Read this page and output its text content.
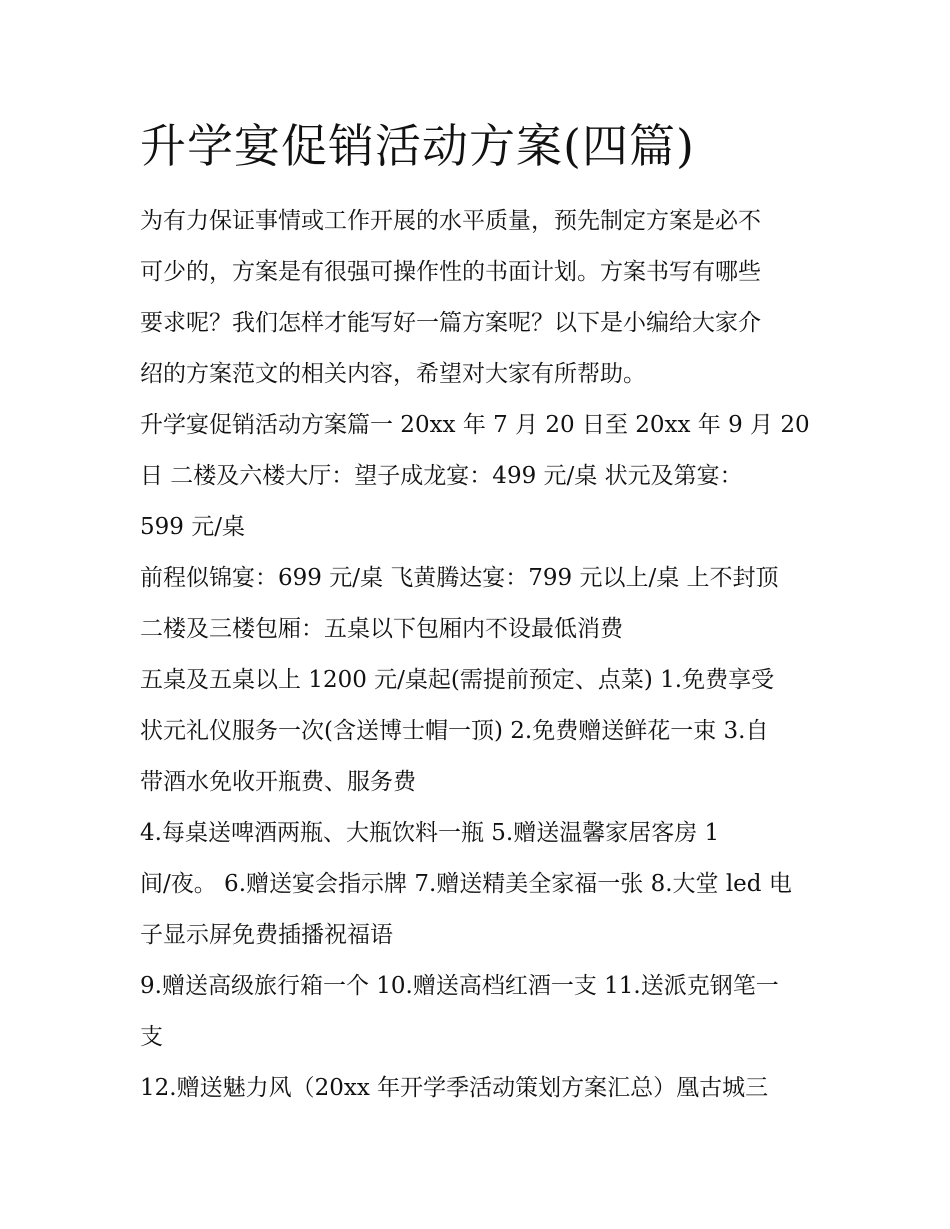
升学宴促销活动方案(四篇)

为有力保证事情或工作开展的水平质量，预先制定方案是必不

可少的，方案是有很强可操作性的书面计划。方案书写有哪些

要求呢？我们怎样才能写好一篇方案呢？以下是小编给大家介

绍的方案范文的相关内容，希望对大家有所帮助。

升学宴促销活动方案篇一 20xx 年 7 月 20 日至 20xx 年 9 月 20

日 二楼及六楼大厅：望子成龙宴：499 元/桌 状元及第宴：

599 元/桌

前程似锦宴：699 元/桌 飞黄腾达宴：799 元以上/桌 上不封顶

二楼及三楼包厢：五桌以下包厢内不设最低消费

五桌及五桌以上 1200 元/桌起(需提前预定、点菜) 1.免费享受

状元礼仪服务一次(含送博士帽一顶) 2.免费赠送鲜花一束 3.自

带酒水免收开瓶费、服务费

4.每桌送啤酒两瓶、大瓶饮料一瓶 5.赠送温馨家居客房 1

间/夜。 6.赠送宴会指示牌 7.赠送精美全家福一张 8.大堂 led 电

子显示屏免费插播祝福语

9.赠送高级旅行箱一个 10.赠送高档红酒一支 11.送派克钢笔一

支

12.赠送魅力风（20xx 年开学季活动策划方案汇总）凰古城三
